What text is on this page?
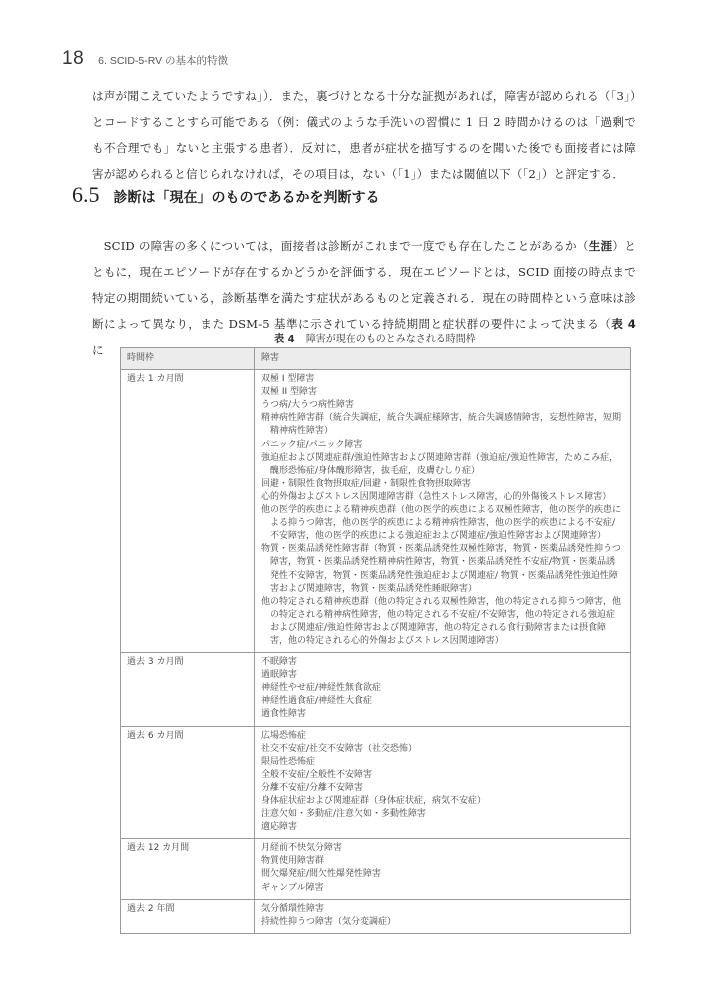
18 6. SCID-5-RV の基本的特徴

は声が聞こえていたようですね」）．また，裏づけとなる十分な証拠があれば，障害が認められる（「3」）とコードすることすら可能である（例：儀式のような手洗いの習慣に 1 日 2 時間かけるのは「過剰でも不合理でも」ないと主張する患者）．反対に，患者が症状を描写するのを聞いた後でも面接者には障害が認められると信じられなければ，その項目は，ない（「1」）または閾値以下（「2」）と評定する．

6.5 診断は「現在」のものであるかを判断する

SCID の障害の多くについては，面接者は診断がこれまで一度でも存在したことがあるか（生涯）とともに，現在エピソードが存在するかどうかを評価する．現在エピソードとは，SCID 面接の時点まで特定の期間続いている，診断基準を満たす症状があるものと定義される．現在の時間枠という意味は診断によって異なり，また DSM-5 基準に示されている持続期間と症状群の要件によって決まる（表 4 に

表 4 障害が現在のものとみなされる時間枠
時間枠	障害
過去 1 カ月間	双極 I 型障害
双極 II 型障害
うつ病/大うつ病性障害
精神病性障害群（統合失調症，統合失調症様障害，統合失調感情障害，妄想性障害，短期精神病性障害）
パニック症/パニック障害
強迫症および関連症群/強迫性障害および関連障害群（強迫症/強迫性障害，ためこみ症，醜形恐怖症/身体醜形障害，抜毛症，皮膚むしり症）
回避・制限性食物摂取症/回避・制限性食物摂取障害
心的外傷およびストレス因関連障害群（急性ストレス障害，心的外傷後ストレス障害）
他の医学的疾患による精神疾患群（他の医学的疾患による双極性障害，他の医学的疾患による抑うつ障害，他の医学的疾患による精神病性障害，他の医学的疾患による不安症/不安障害，他の医学的疾患による強迫症および関連症/強迫性障害および関連障害）
物質・医薬品誘発性障害群（物質・医薬品誘発性双極性障害，物質・医薬品誘発性抑うつ障害，物質・医薬品誘発性精神病性障害，物質・医薬品誘発性不安症/物質・医薬品誘発性不安障害，物質・医薬品誘発性強迫症および関連症/ 物質・医薬品誘発性強迫性障害および関連障害，物質・医薬品誘発性睡眠障害）
他の特定される精神疾患群（他の特定される双極性障害，他の特定される抑うつ障害，他の特定される精神病性障害，他の特定される不安症/不安障害，他の特定される強迫症および関連症/強迫性障害および関連障害，他の特定される食行動障害または摂食障害，他の特定される心的外傷およびストレス因関連障害）

過去 3 カ月間	不眠障害
過眠障害
神経性やせ症/神経性無食欲症
神経性過食症/神経性大食症
過食性障害

過去 6 カ月間	広場恐怖症
社交不安症/社交不安障害（社交恐怖）
限局性恐怖症
全般不安症/全般性不安障害
分離不安症/分離不安障害
身体症状症および関連症群（身体症状症，病気不安症）
注意欠如・多動症/注意欠如・多動性障害
適応障害

過去 12 カ月間	月経前不快気分障害
物質使用障害群
間欠爆発症/間欠性爆発性障害
ギャンブル障害

過去 2 年間	気分循環性障害
持続性抑うつ障害（気分変調症）
